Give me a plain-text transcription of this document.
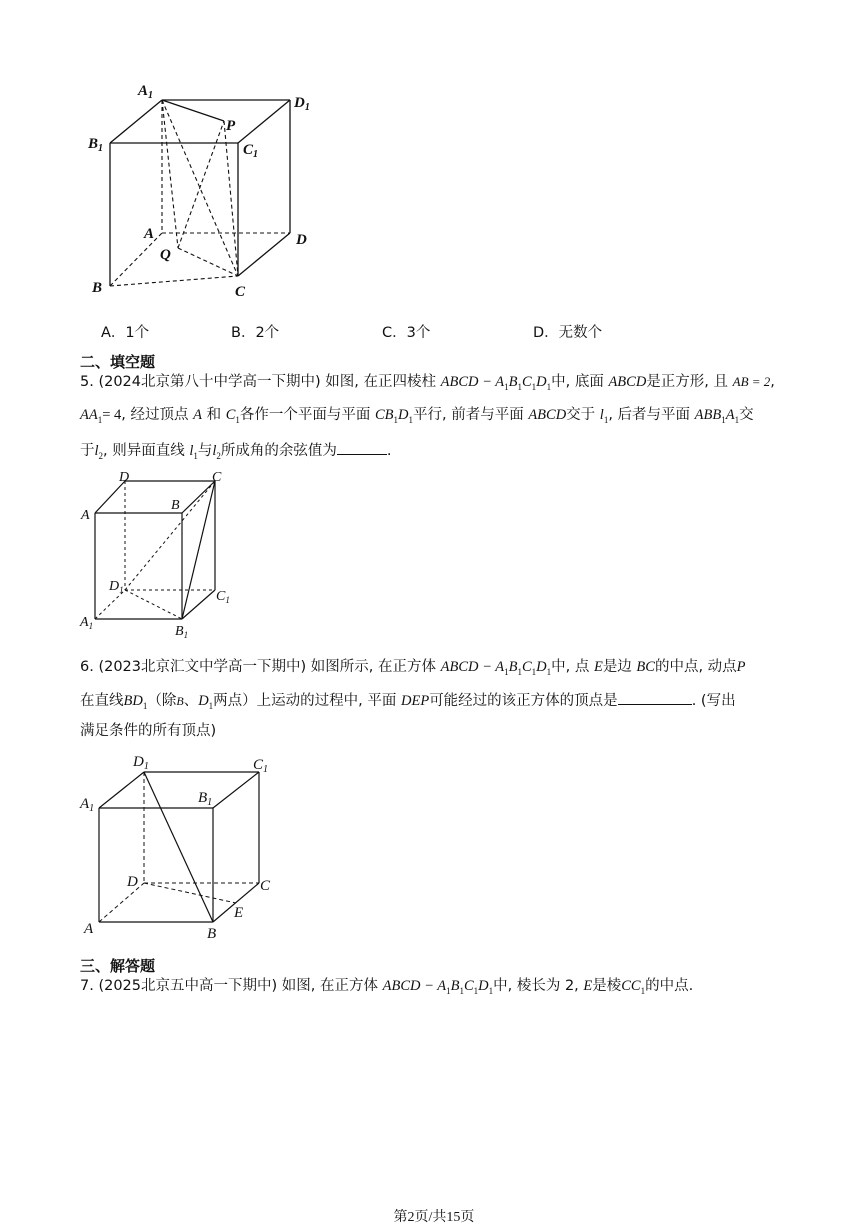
$A_1$	$D_1$
$B_1$	$C_1$
P
A	D
Q
B	C
A．1个	B．2个	C．3个	D．无数个
二、填空题
5. (2024北京第八十中学高一下期中) 如图, 在正四棱柱 ABCD − $A_1B_1C_1D_1$中, 底面 ABCD是正方形, 且 AB = 2,
$AA_1= 4$, 经过顶点 A 和 $C_1$各作一个平面与平面 $CB_1D_1$平行, 前者与平面 ABCD交于 $l_1$, 后者与平面 $ABB_1A_1$交
于$l_2$, 则异面直线 $l_1$与$l_2$所成角的余弦值为	.
D	C
A
B
$D_1$	$C_1$
$A_1$	$B_1$
6. (2023北京汇文中学高一下期中) 如图所示, 在正方体 ABCD − $A_1B_1C_1D_1$中, 点 E是边 BC的中点, 动点P
在直线$BD_1$（除B、$D_1$两点）上运动的过程中, 平面 DEP可能经过的该正方体的顶点是	. (写出
满足条件的所有顶点)
$D_1$	$C_1$
$A_1$
$B_1$
D	C
E
A	B
三、解答题
7. (2025北京五中高一下期中) 如图, 在正方体 ABCD − $A_1B_1C_1D_1$中, 棱长为 2, E是棱$CC_1$的中点.
第2页/共15页
